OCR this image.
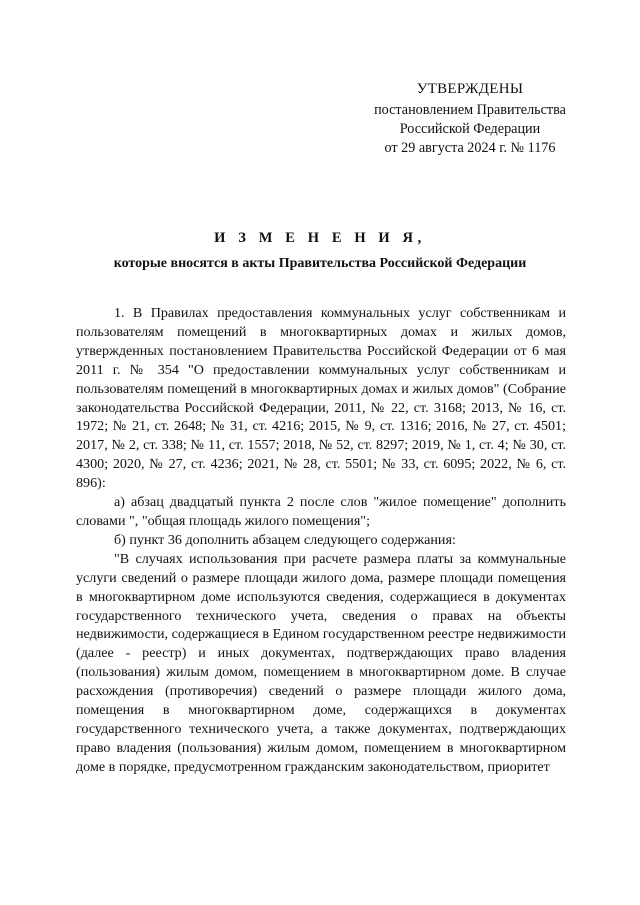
УТВЕРЖДЕНЫ
постановлением Правительства
Российской Федерации
от 29 августа 2024 г. № 1176
И З М Е Н Е Н И Я,
которые вносятся в акты Правительства Российской Федерации

1. В Правилах предоставления коммунальных услуг собственникам и пользователям помещений в многоквартирных домах и жилых домов, утвержденных постановлением Правительства Российской Федерации от 6 мая 2011 г. № 354 "О предоставлении коммунальных услуг собственникам и пользователям помещений в многоквартирных домах и жилых домов" (Собрание законодательства Российской Федерации, 2011, № 22, ст. 3168; 2013, № 16, ст. 1972; № 21, ст. 2648; № 31, ст. 4216; 2015, № 9, ст. 1316; 2016, № 27, ст. 4501; 2017, № 2, ст. 338; № 11, ст. 1557; 2018, № 52, ст. 8297; 2019, № 1, ст. 4; № 30, ст. 4300; 2020, № 27, ст. 4236; 2021, № 28, ст. 5501; № 33, ст. 6095; 2022, № 6, ст. 896):

а) абзац двадцатый пункта 2 после слов "жилое помещение" дополнить словами ", "общая площадь жилого помещения";

б) пункт 36 дополнить абзацем следующего содержания:

"В случаях использования при расчете размера платы за коммунальные услуги сведений о размере площади жилого дома, размере площади помещения в многоквартирном доме используются сведения, содержащиеся в документах государственного технического учета, сведения о правах на объекты недвижимости, содержащиеся в Едином государственном реестре недвижимости (далее - реестр) и иных документах, подтверждающих право владения (пользования) жилым домом, помещением в многоквартирном доме. В случае расхождения (противоречия) сведений о размере площади жилого дома, помещения в многоквартирном доме, содержащихся в документах государственного технического учета, а также документах, подтверждающих право владения (пользования) жилым домом, помещением в многоквартирном доме в порядке, предусмотренном гражданским законодательством, приоритет
